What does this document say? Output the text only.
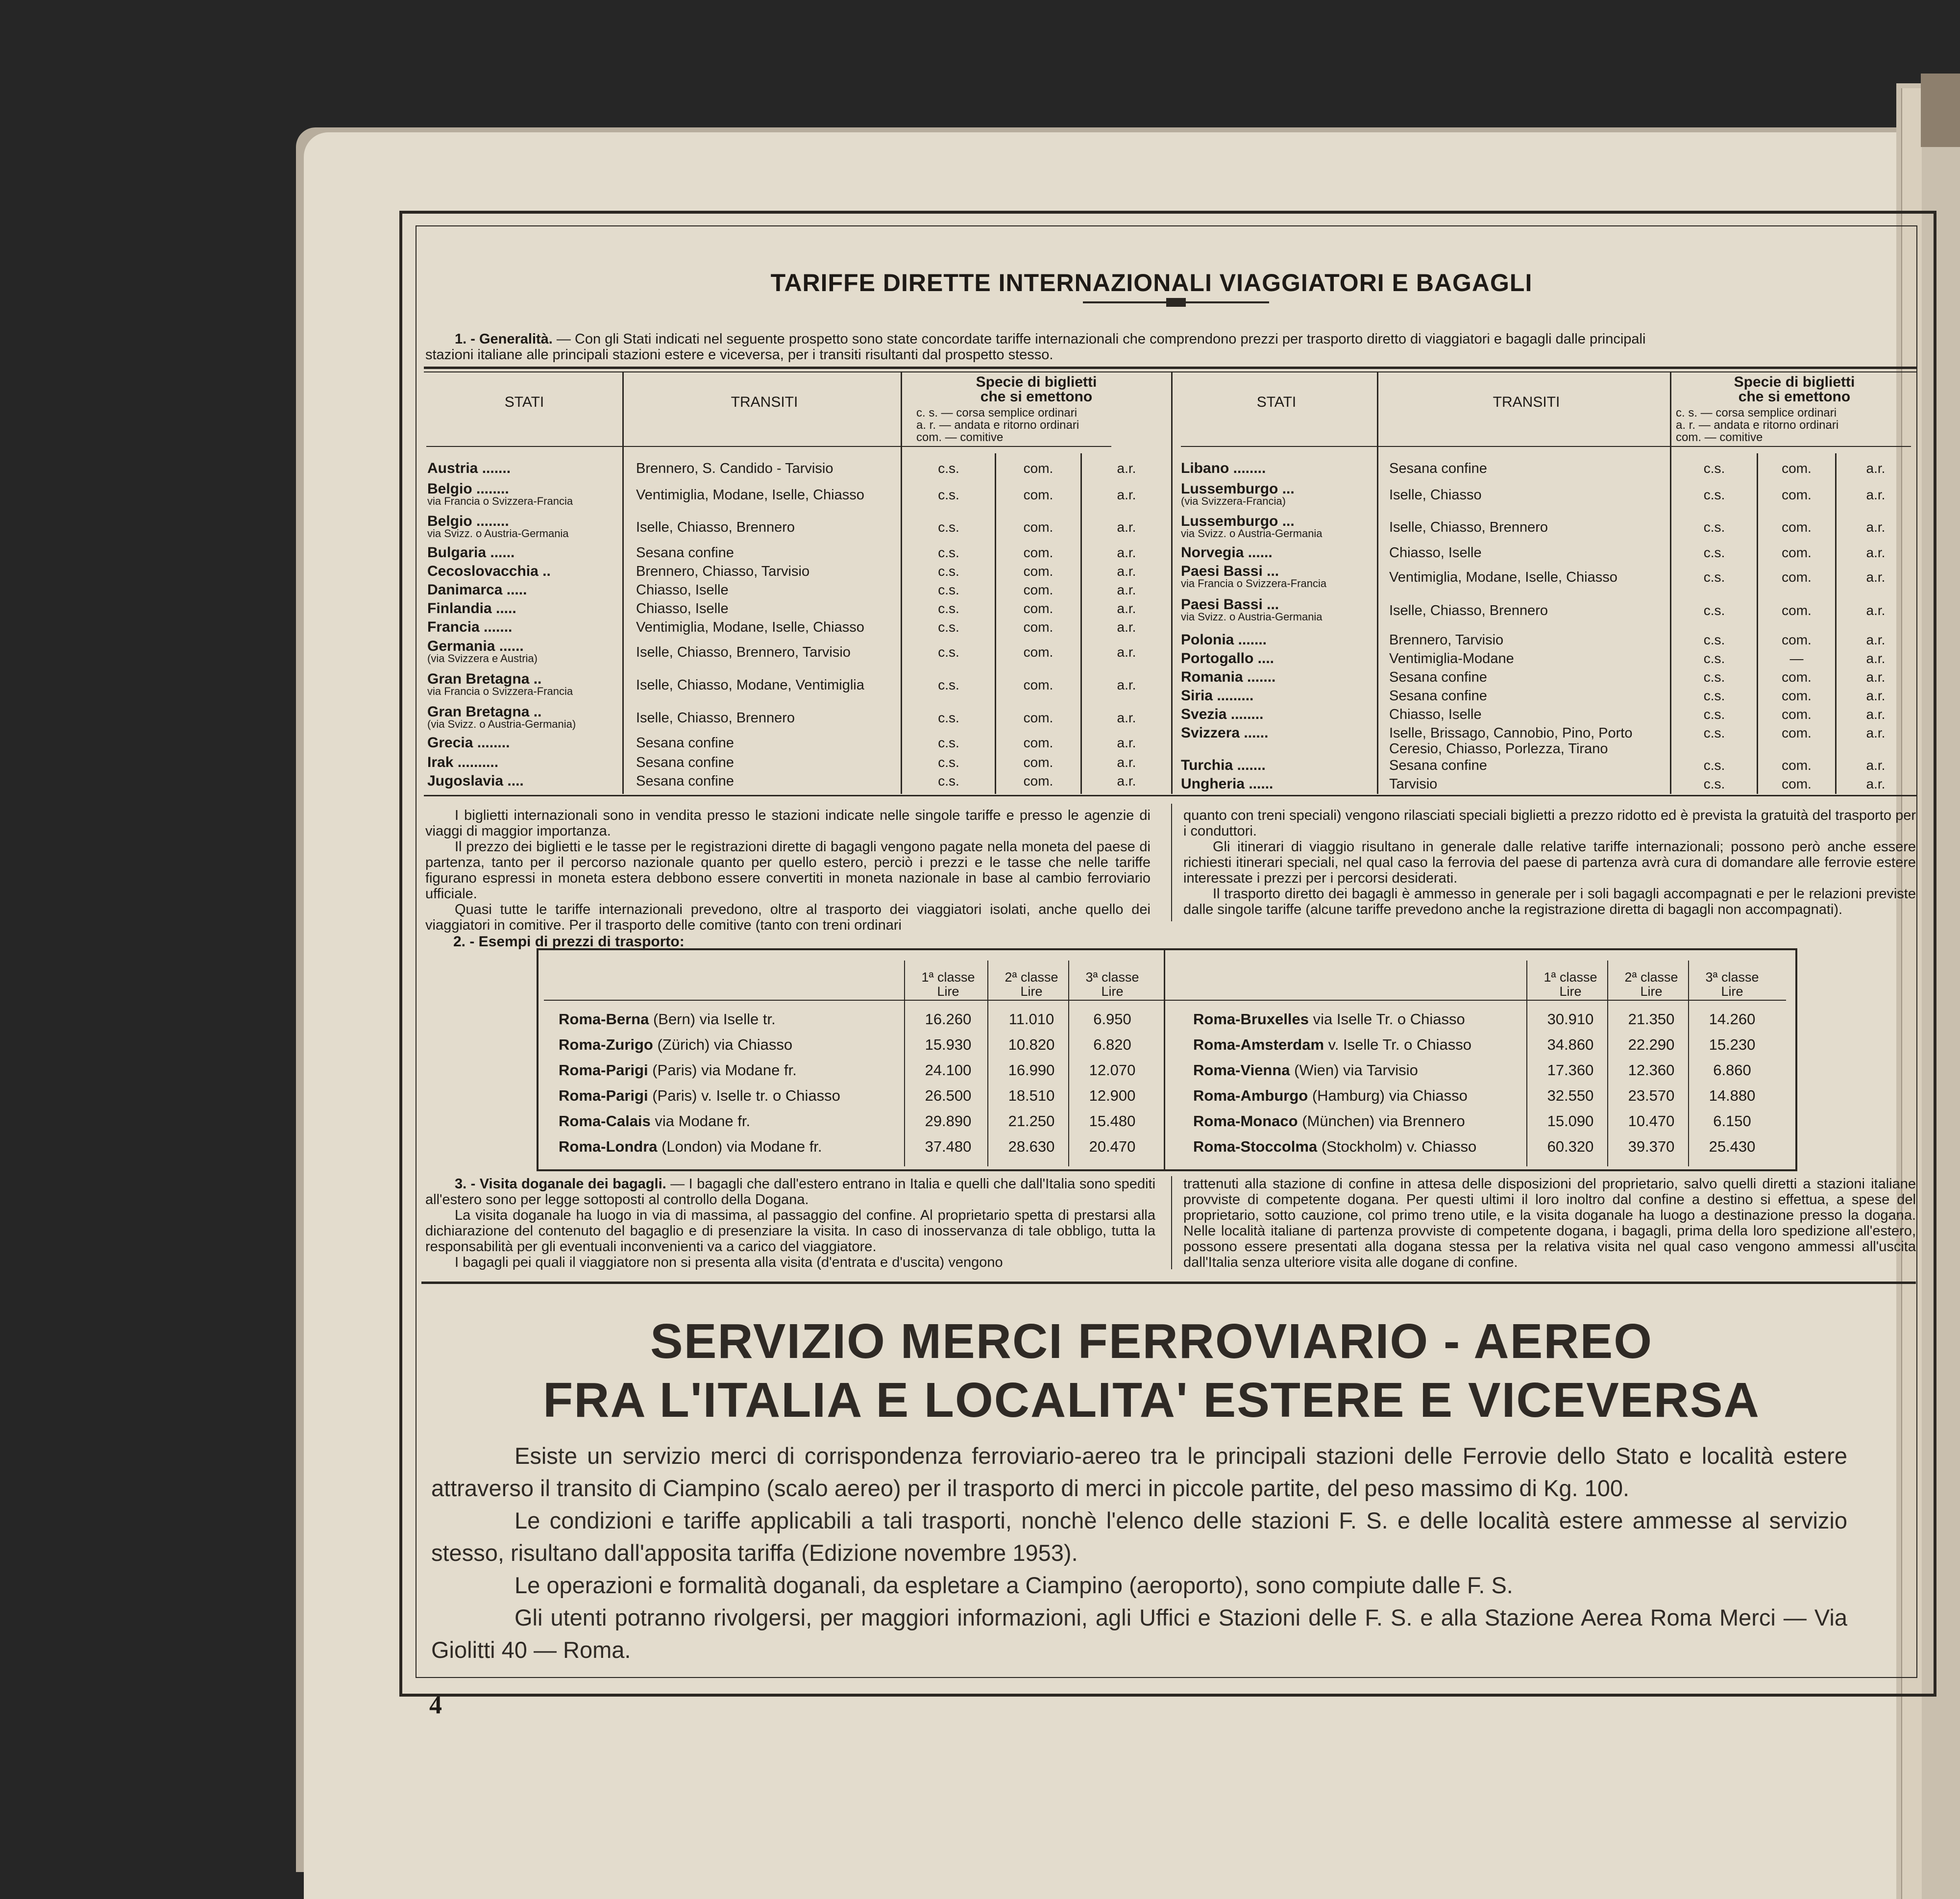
TARIFFE DIRETTE INTERNAZIONALI VIAGGIATORI E BAGAGLI
1. - Generalità. — Con gli Stati indicati nel seguente prospetto sono state concordate tariffe internazionali che comprendono prezzi per trasporto diretto di viaggiatori e bagagli dalle principali
stazioni italiane alle principali stazioni estere e viceversa, per i transiti risultanti dal prospetto stesso.
STATI	TRANSITI
Specie di biglietti
che si emettono
c. s. — corsa semplice ordinari
a. r. — andata e ritorno ordinari
com. — comitive
STATI	TRANSITI
Specie di biglietti
che si emettono
c. s. — corsa semplice ordinari
a. r. — andata e ritorno ordinari
com. — comitive
Austria .......	Brennero, S. Candido - Tarvisio	c.s.	com.	a.r.
Belgio ........
via Francia o Svizzera-Francia	Ventimiglia, Modane, Iselle, Chiasso	c.s.	com.	a.r.
Belgio ........
via Svizz. o Austria-Germania	Iselle, Chiasso, Brennero	c.s.	com.	a.r.
Bulgaria ......	Sesana confine	c.s.	com.	a.r.
Cecoslovacchia ..	Brennero, Chiasso, Tarvisio	c.s.	com.	a.r.
Danimarca .....	Chiasso, Iselle	c.s.	com.	a.r.
Finlandia .....	Chiasso, Iselle	c.s.	com.	a.r.
Francia .......	Ventimiglia, Modane, Iselle, Chiasso	c.s.	com.	a.r.
Germania ......
(via Svizzera e Austria)	Iselle, Chiasso, Brennero, Tarvisio	c.s.	com.	a.r.
Gran Bretagna ..
via Francia o Svizzera-Francia	Iselle, Chiasso, Modane, Ventimiglia	c.s.	com.	a.r.
Gran Bretagna ..
(via Svizz. o Austria-Germania)	Iselle, Chiasso, Brennero	c.s.	com.	a.r.
Grecia ........	Sesana confine	c.s.	com.	a.r.
Irak ..........	Sesana confine	c.s.	com.	a.r.
Jugoslavia ....	Sesana confine	c.s.	com.	a.r.
Libano ........	Sesana confine	c.s.	com.	a.r.
Lussemburgo ...
(via Svizzera-Francia)	Iselle, Chiasso	c.s.	com.	a.r.
Lussemburgo ...
via Svizz. o Austria-Germania	Iselle, Chiasso, Brennero	c.s.	com.	a.r.
Norvegia ......	Chiasso, Iselle	c.s.	com.	a.r.
Paesi Bassi ...
via Francia o Svizzera-Francia	Ventimiglia, Modane, Iselle, Chiasso	c.s.	com.	a.r.
Paesi Bassi ...
via Svizz. o Austria-Germania	Iselle, Chiasso, Brennero	c.s.	com.	a.r.
Polonia .......	Brennero, Tarvisio	c.s.	com.	a.r.
Portogallo ....	Ventimiglia-Modane	c.s.	—	a.r.
Romania .......	Sesana confine	c.s.	com.	a.r.
Siria .........	Sesana confine	c.s.	com.	a.r.
Svezia ........	Chiasso, Iselle	c.s.	com.	a.r.
Svizzera ......	Iselle, Brissago, Cannobio, Pino, Porto Ceresio, Chiasso, Porlezza, Tirano
c.s.	com.	a.r.
Turchia .......	Sesana confine	c.s.	com.	a.r.
Ungheria ......	Tarvisio	c.s.	com.	a.r.
I biglietti internazionali sono in vendita presso le stazioni indicate nelle singole tariffe e presso le agenzie di viaggi di maggior importanza.
Il prezzo dei biglietti e le tasse per le registrazioni dirette di bagagli vengono pagate nella moneta del paese di partenza, tanto per il percorso nazionale quanto per quello estero, perciò i prezzi e le tasse che nelle tariffe figurano espressi in moneta estera debbono essere convertiti in moneta nazionale in base al cambio ferroviario ufficiale.
Quasi tutte le tariffe internazionali prevedono, oltre al trasporto dei viaggiatori isolati, anche quello dei viaggiatori in comitive. Per il trasporto delle comitive (tanto con treni ordinari
quanto con treni speciali) vengono rilasciati speciali biglietti a prezzo ridotto ed è prevista la gratuità del trasporto per i conduttori.
Gli itinerari di viaggio risultano in generale dalle relative tariffe internazionali; possono però anche essere richiesti itinerari speciali, nel qual caso la ferrovia del paese di partenza avrà cura di domandare alle ferrovie estere interessate i prezzi per i percorsi desiderati.
Il trasporto diretto dei bagagli è ammesso in generale per i soli bagagli accompagnati e per le relazioni previste dalle singole tariffe (alcune tariffe prevedono anche la registrazione diretta di bagagli non accompagnati).
2. - Esempi di prezzi di trasporto:
1ª classe
Lire
2ª classe
Lire
3ª classe
Lire
1ª classe
Lire
2ª classe
Lire
3ª classe
Lire
Roma-Berna (Bern) via Iselle tr.	16.260	11.010	6.950
Roma-Zurigo (Zürich) via Chiasso	15.930	10.820	6.820
Roma-Parigi (Paris) via Modane fr.	24.100	16.990	12.070
Roma-Parigi (Paris) v. Iselle tr. o Chiasso	26.500	18.510	12.900
Roma-Calais via Modane fr.	29.890	21.250	15.480
Roma-Londra (London) via Modane fr.	37.480	28.630	20.470
Roma-Bruxelles via Iselle Tr. o Chiasso	30.910	21.350	14.260
Roma-Amsterdam v. Iselle Tr. o Chiasso	34.860	22.290	15.230
Roma-Vienna (Wien) via Tarvisio	17.360	12.360	6.860
Roma-Amburgo (Hamburg) via Chiasso	32.550	23.570	14.880
Roma-Monaco (München) via Brennero	15.090	10.470	6.150
Roma-Stoccolma (Stockholm) v. Chiasso	60.320	39.370	25.430
3. - Visita doganale dei bagagli. — I bagagli che dall'estero entrano in Italia e quelli che dall'Italia sono spediti all'estero sono per legge sottoposti al controllo della Dogana.
La visita doganale ha luogo in via di massima, al passaggio del confine. Al proprietario spetta di prestarsi alla dichiarazione del contenuto del bagaglio e di presenziare la visita. In caso di inosservanza di tale obbligo, tutta la responsabilità per gli eventuali inconvenienti va a carico del viaggiatore.
I bagagli pei quali il viaggiatore non si presenta alla visita (d'entrata e d'uscita) vengono
trattenuti alla stazione di confine in attesa delle disposizioni del proprietario, salvo quelli diretti a stazioni italiane provviste di competente dogana. Per questi ultimi il loro inoltro dal confine a destino si effettua, a spese del proprietario, sotto cauzione, col primo treno utile, e la visita doganale ha luogo a destinazione presso la dogana. Nelle località italiane di partenza provviste di competente dogana, i bagagli, prima della loro spedizione all'estero, possono essere presentati alla dogana stessa per la relativa visita nel qual caso vengono ammessi all'uscita dall'Italia senza ulteriore visita alle dogane di confine.
SERVIZIO MERCI FERROVIARIO - AEREO
FRA L'ITALIA E LOCALITA' ESTERE E VICEVERSA
Esiste un servizio merci di corrispondenza ferroviario-aereo tra le principali stazioni delle Ferrovie dello Stato e località estere attraverso il transito di Ciampino (scalo aereo) per il trasporto di merci in piccole partite, del peso massimo di Kg. 100.
Le condizioni e tariffe applicabili a tali trasporti, nonchè l'elenco delle stazioni F. S. e delle località estere ammesse al servizio stesso, risultano dall'apposita tariffa (Edizione novembre 1953).
Le operazioni e formalità doganali, da espletare a Ciampino (aeroporto), sono compiute dalle F. S.
Gli utenti potranno rivolgersi, per maggiori informazioni, agli Uffici e Stazioni delle F. S. e alla Stazione Aerea Roma Merci — Via Giolitti 40 — Roma.
4
